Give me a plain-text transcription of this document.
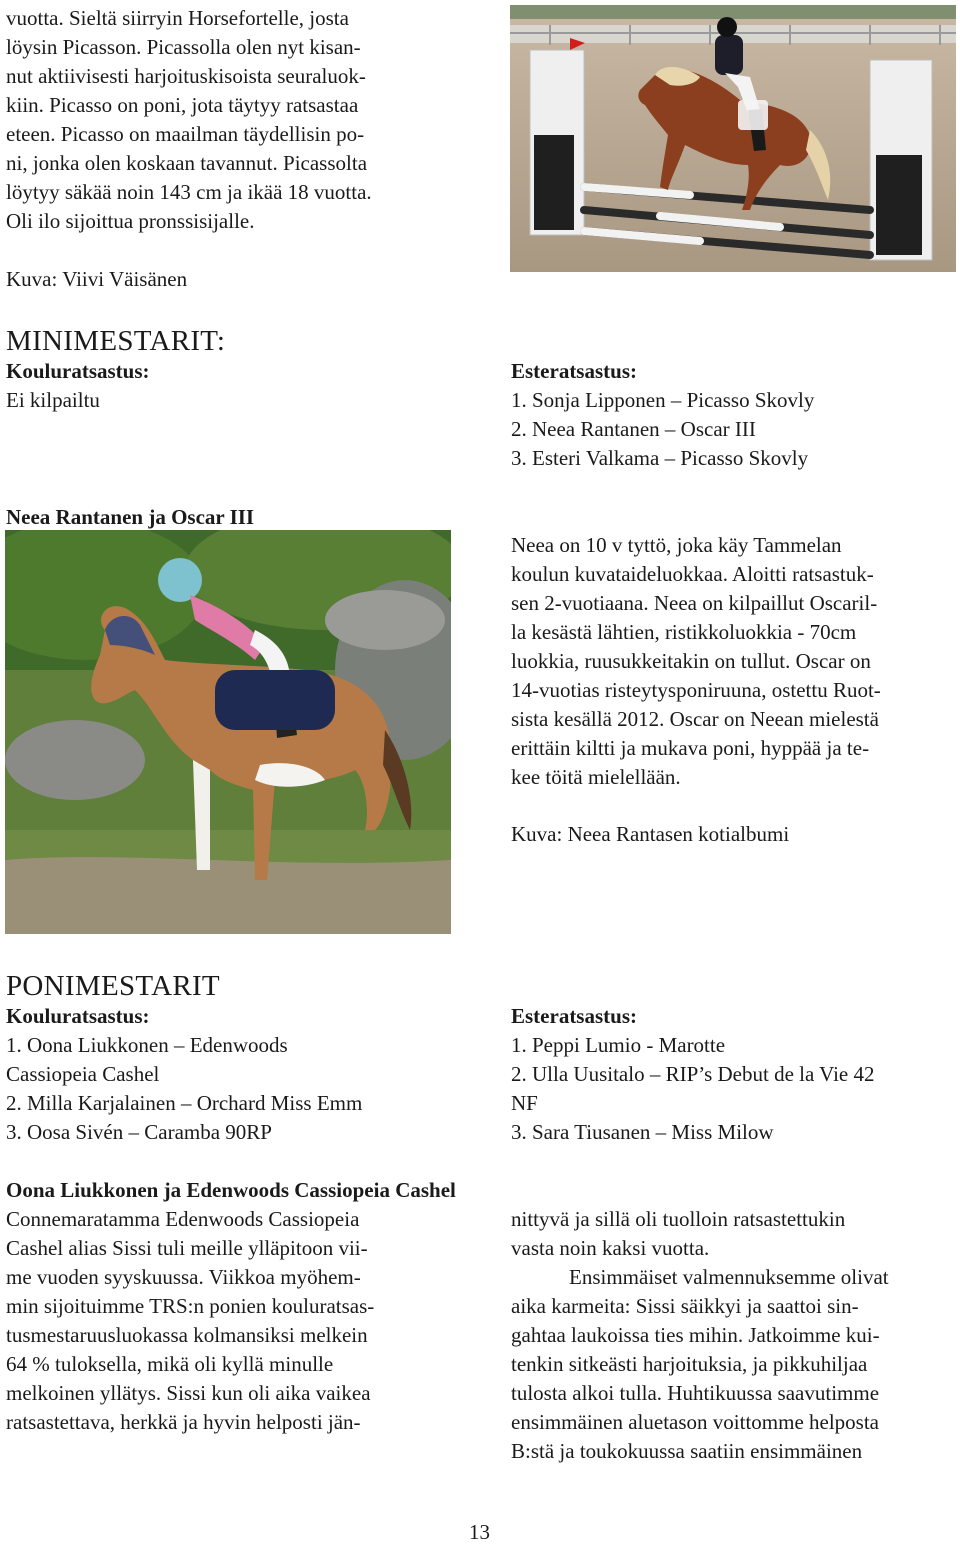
vuotta. Sieltä siirryin Horsefortelle, josta
löysin Picasson. Picassolla olen nyt kisan-
nut aktiivisesti harjoituskisoista seuraluok-
kiin. Picasso on poni, jota täytyy ratsastaa
eteen. Picasso on maailman täydellisin po-
ni, jonka olen koskaan tavannut. Picassolta
löytyy säkää noin 143 cm ja ikää 18 vuotta.
Oli ilo sijoittua pronssisijalle.
Kuva: Viivi Väisänen
MINIMESTARIT:
Kouluratsastus:
Ei kilpailtu
Esteratsastus:
1. Sonja Lipponen – Picasso Skovly
2. Neea Rantanen – Oscar III
3. Esteri Valkama – Picasso Skovly
Neea Rantanen ja Oscar III
Neea on 10 v tyttö, joka käy Tammelan
koulun kuvataideluokkaa. Aloitti ratsastuk-
sen 2-vuotiaana. Neea on kilpaillut Oscaril-
la kesästä lähtien, ristikkoluokkia - 70cm
luokkia, ruusukkeitakin on tullut. Oscar on
14-vuotias risteytysponiruuna, ostettu Ruot-
sista kesällä 2012. Oscar on Neean mielestä
erittäin kiltti ja mukava poni, hyppää ja te-
kee töitä mielellään.
Kuva: Neea Rantasen kotialbumi
PONIMESTARIT
Kouluratsastus:
1. Oona Liukkonen – Edenwoods
Cassiopeia Cashel
2. Milla Karjalainen – Orchard Miss Emm
3. Oosa Sivén – Caramba 90RP
Esteratsastus:
1. Peppi Lumio - Marotte
2. Ulla Uusitalo – RIP’s Debut de la Vie 42
NF
3. Sara Tiusanen – Miss Milow
Oona Liukkonen ja Edenwoods Cassiopeia Cashel
Connemaratamma Edenwoods Cassiopeia
Cashel alias Sissi tuli meille ylläpitoon vii-
me vuoden syyskuussa. Viikkoa myöhem-
min sijoituimme TRS:n ponien kouluratsas-
tusmestaruusluokassa kolmansiksi melkein
64 % tuloksella, mikä oli kyllä minulle
melkoinen yllätys. Sissi kun oli aika vaikea
ratsastettava, herkkä ja hyvin helposti jän-
nittyvä ja sillä oli tuolloin ratsastettukin
vasta noin kaksi vuotta.
Ensimmäiset valmennuksemme olivat
aika karmeita: Sissi säikkyi ja saattoi sin-
gahtaa laukoissa ties mihin. Jatkoimme kui-
tenkin sitkeästi harjoituksia, ja pikkuhiljaa
tulosta alkoi tulla. Huhtikuussa saavutimme
ensimmäinen aluetason voittomme helposta
B:stä ja toukokuussa saatiin ensimmäinen
13
